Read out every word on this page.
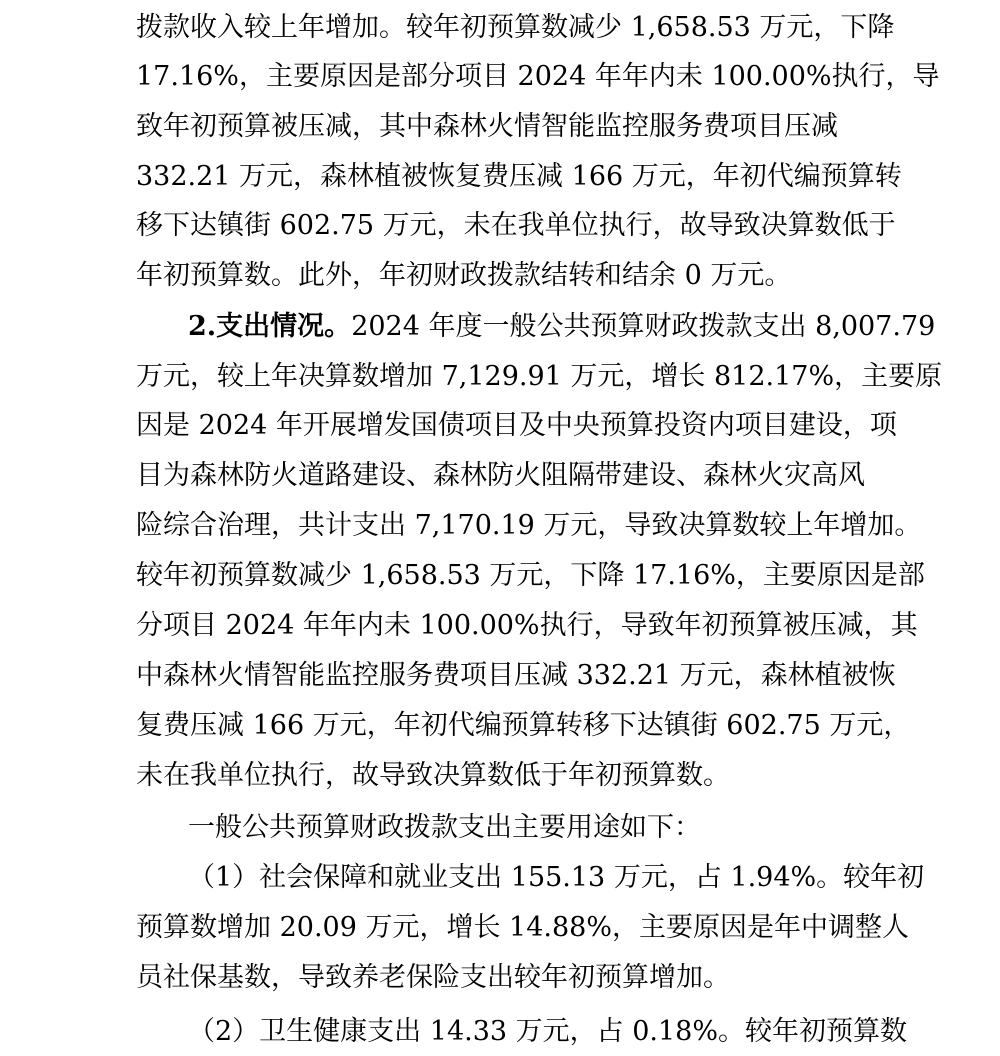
拨款收入较上年增加。较年初预算数减少 1,658.53 万元，下降
17.16%，主要原因是部分项目 2024 年年内未 100.00%执行，导
致年初预算被压减，其中森林火情智能监控服务费项目压减
332.21 万元，森林植被恢复费压减 166 万元，年初代编预算转
移下达镇街 602.75 万元，未在我单位执行，故导致决算数低于
年初预算数。此外，年初财政拨款结转和结余 0 万元。
2.支出情况。2024 年度一般公共预算财政拨款支出 8,007.79
万元，较上年决算数增加 7,129.91 万元，增长 812.17%，主要原
因是 2024 年开展增发国债项目及中央预算投资内项目建设，项
目为森林防火道路建设、森林防火阻隔带建设、森林火灾高风
险综合治理，共计支出 7,170.19 万元，导致决算数较上年增加。
较年初预算数减少 1,658.53 万元，下降 17.16%，主要原因是部
分项目 2024 年年内未 100.00%执行，导致年初预算被压减，其
中森林火情智能监控服务费项目压减 332.21 万元，森林植被恢
复费压减 166 万元，年初代编预算转移下达镇街 602.75 万元，
未在我单位执行，故导致决算数低于年初预算数。
一般公共预算财政拨款支出主要用途如下：
（1）社会保障和就业支出 155.13 万元，占 1.94%。较年初
预算数增加 20.09 万元，增长 14.88%，主要原因是年中调整人
员社保基数，导致养老保险支出较年初预算增加。
（2）卫生健康支出 14.33 万元，占 0.18%。较年初预算数
